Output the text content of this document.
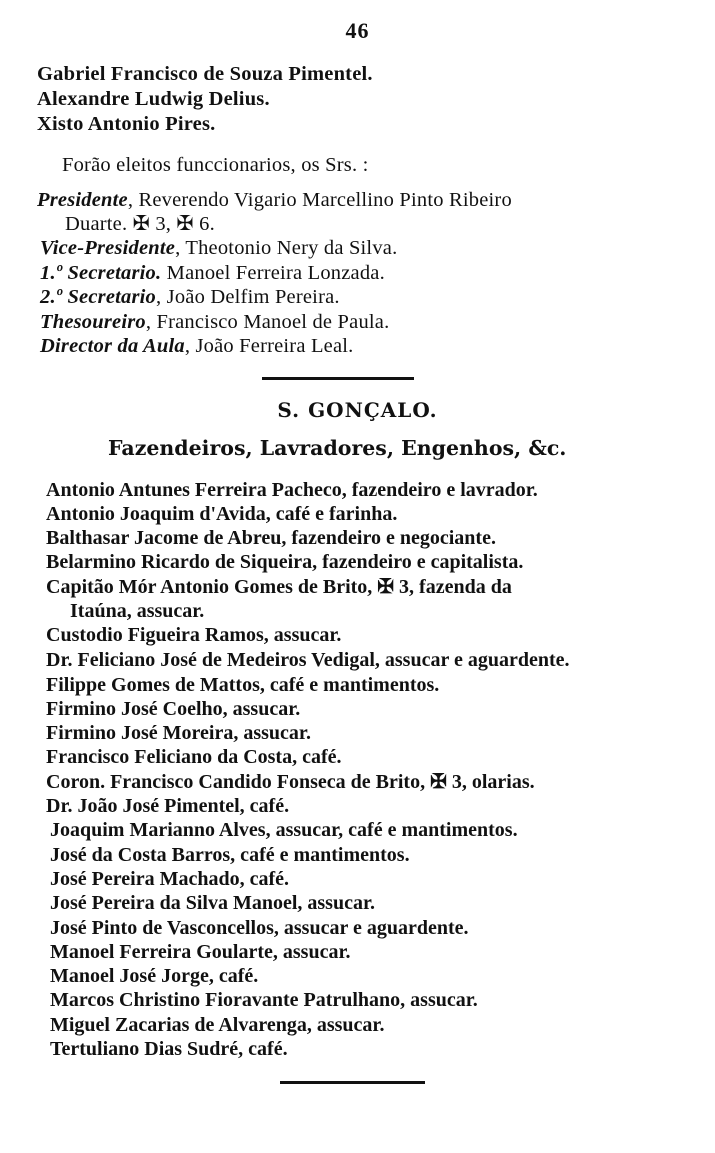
46
Gabriel Francisco de Souza Pimentel.
Alexandre Ludwig Delius.
Xisto Antonio Pires.
Forão eleitos funccionarios, os Srs. :
Presidente, Reverendo Vigario Marcellino Pinto Ribeiro
Duarte. ✠ 3, ✠ 6.
Vice-Presidente, Theotonio Nery da Silva.
1.º Secretario. Manoel Ferreira Lonzada.
2.º Secretario, João Delfim Pereira.
Thesoureiro, Francisco Manoel de Paula.
Director da Aula, João Ferreira Leal.
S. GONÇALO.
Fazendeiros, Lavradores, Engenhos, &c.
Antonio Antunes Ferreira Pacheco, fazendeiro e lavrador.
Antonio Joaquim d'Avida, café e farinha.
Balthasar Jacome de Abreu, fazendeiro e negociante.
Belarmino Ricardo de Siqueira, fazendeiro e capitalista.
Capitão Mór Antonio Gomes de Brito, ✠ 3, fazenda da
Itaúna, assucar.
Custodio Figueira Ramos, assucar.
Dr. Feliciano José de Medeiros Vedigal, assucar e aguardente.
Filippe Gomes de Mattos, café e mantimentos.
Firmino José Coelho, assucar.
Firmino José Moreira, assucar.
Francisco Feliciano da Costa, café.
Coron. Francisco Candido Fonseca de Brito, ✠ 3, olarias.
Dr. João José Pimentel, café.
Joaquim Marianno Alves, assucar, café e mantimentos.
José da Costa Barros, café e mantimentos.
José Pereira Machado, café.
José Pereira da Silva Manoel, assucar.
José Pinto de Vasconcellos, assucar e aguardente.
Manoel Ferreira Goularte, assucar.
Manoel José Jorge, café.
Marcos Christino Fioravante Patrulhano, assucar.
Miguel Zacarias de Alvarenga, assucar.
Tertuliano Dias Sudré, café.
